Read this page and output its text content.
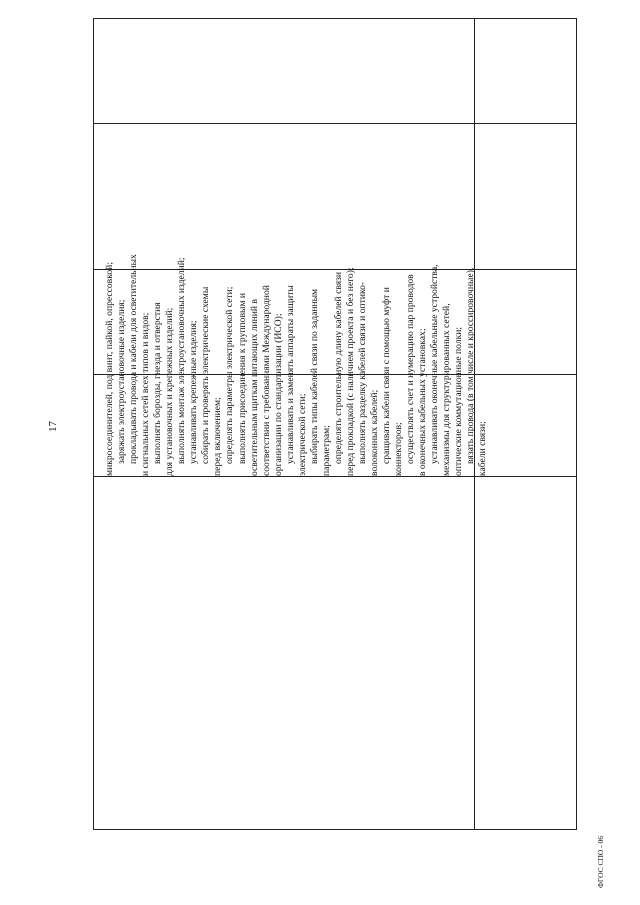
17	микросоединителей, под винт, пайкой, опрессовкой; заряжать электроустановочные изделия; прокладывать провода и кабели для осветительных и сигнальных сетей всех типов и видов; выполнять борозды, гнезда и отверстия для установочных и крепежных изделий; выполнять монтаж электроустановочных изделий; устанавливать крепежные изделия; собирать и проверять электрические схемы перед включением; определять параметры электрической сети; выполнять присоединения к групповым и осветительным щиткам питающих линий в соответствии с требованиями Международной организации по стандартизации (ИСО); устанавливать и заменять аппараты защиты электрической сети; выбирать типы кабелей связи по заданным параметрам; определять строительную длину кабелей связи перед прокладкой (с наличием проекта и без него); выполнять разделку кабелей связи и оптико- волоконных кабелей; сращивать кабели связи с помощью муфт и коннекторов; осуществлять счет и нумерацию пар проводов в оконечных кабельных установках; устанавливать оконечные кабельные устройства, механизмы для структурированных сетей, оптические коммутационные полки; вязать провода (в том числе и кроссировочные), кабели связи;

ФГОС СПО - 06
